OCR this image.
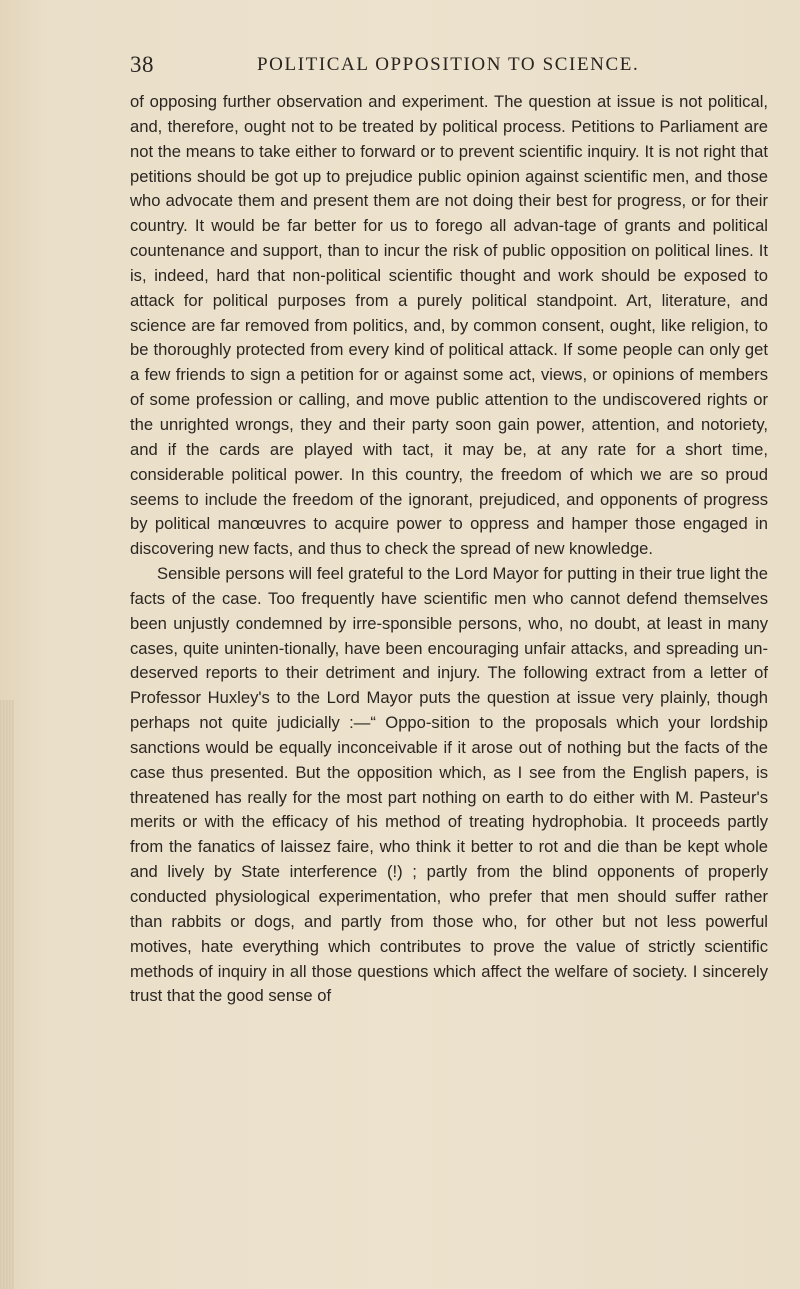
38	POLITICAL OPPOSITION TO SCIENCE.

of opposing further observation and experiment. The question at issue is not political, and, therefore, ought not to be treated by political process. Petitions to Parliament are not the means to take either to forward or to prevent scientific inquiry. It is not right that petitions should be got up to prejudice public opinion against scientific men, and those who advocate them and present them are not doing their best for progress, or for their country. It would be far better for us to forego all advan-tage of grants and political countenance and support, than to incur the risk of public opposition on political lines. It is, indeed, hard that non-political scientific thought and work should be exposed to attack for political purposes from a purely political standpoint. Art, literature, and science are far removed from politics, and, by common consent, ought, like religion, to be thoroughly protected from every kind of political attack. If some people can only get a few friends to sign a petition for or against some act, views, or opinions of members of some profession or calling, and move public attention to the undiscovered rights or the unrighted wrongs, they and their party soon gain power, attention, and notoriety, and if the cards are played with tact, it may be, at any rate for a short time, considerable political power. In this country, the freedom of which we are so proud seems to include the freedom of the ignorant, prejudiced, and opponents of progress by political manœuvres to acquire power to oppress and hamper those engaged in discovering new facts, and thus to check the spread of new knowledge.

Sensible persons will feel grateful to the Lord Mayor for putting in their true light the facts of the case. Too frequently have scientific men who cannot defend themselves been unjustly condemned by irre-sponsible persons, who, no doubt, at least in many cases, quite uninten-tionally, have been encouraging unfair attacks, and spreading un-deserved reports to their detriment and injury. The following extract from a letter of Professor Huxley's to the Lord Mayor puts the question at issue very plainly, though perhaps not quite judicially :—“ Oppo-sition to the proposals which your lordship sanctions would be equally inconceivable if it arose out of nothing but the facts of the case thus presented. But the opposition which, as I see from the English papers, is threatened has really for the most part nothing on earth to do either with M. Pasteur's merits or with the efficacy of his method of treating hydrophobia. It proceeds partly from the fanatics of laissez faire, who think it better to rot and die than be kept whole and lively by State interference (!) ; partly from the blind opponents of properly conducted physiological experimentation, who prefer that men should suffer rather than rabbits or dogs, and partly from those who, for other but not less powerful motives, hate everything which contributes to prove the value of strictly scientific methods of inquiry in all those questions which affect the welfare of society. I sincerely trust that the good sense of
